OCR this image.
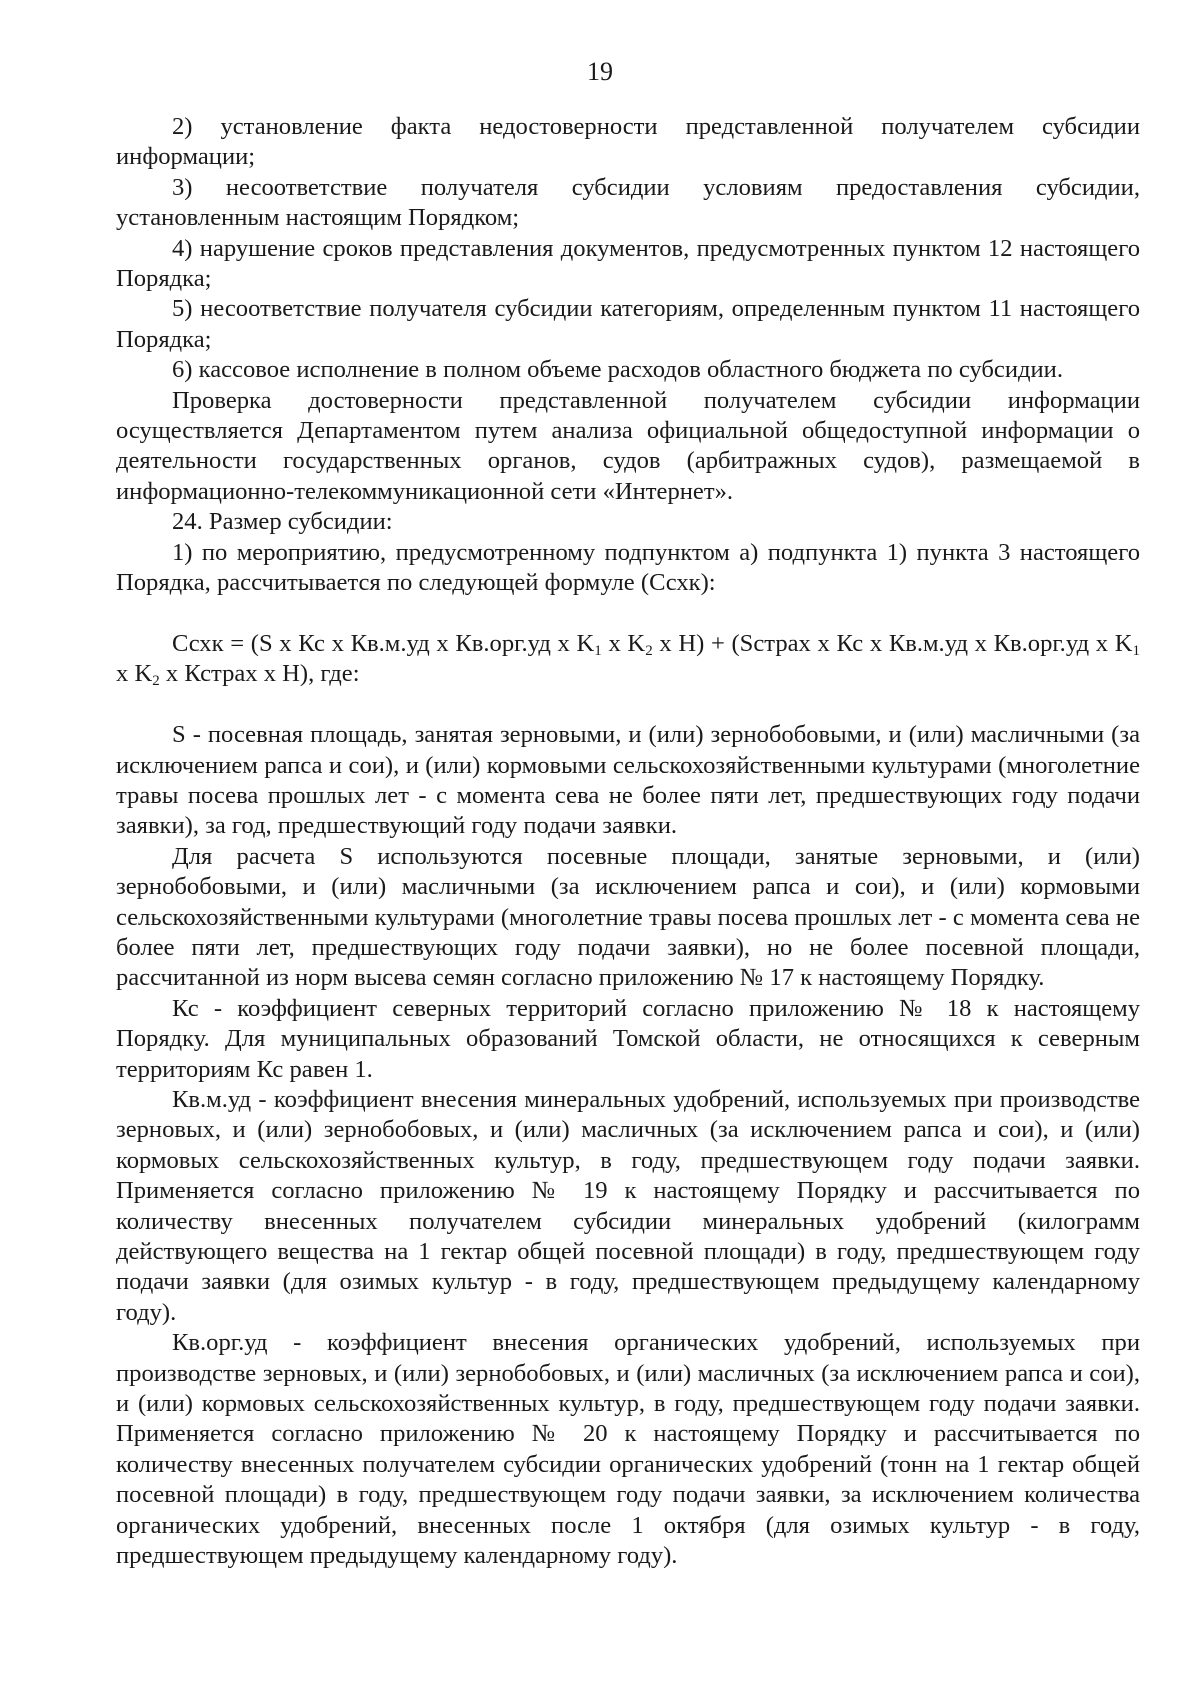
19

2) установление факта недостоверности представленной получателем субсидии информации;

3) несоответствие получателя субсидии условиям предоставления субсидии, установленным настоящим Порядком;

4) нарушение сроков представления документов, предусмотренных пунктом 12 настоящего Порядка;

5) несоответствие получателя субсидии категориям, определенным пунктом 11 настоящего Порядка;

6) кассовое исполнение в полном объеме расходов областного бюджета по субсидии.

Проверка достоверности представленной получателем субсидии информации осуществляется Департаментом путем анализа официальной общедоступной информации о деятельности государственных органов, судов (арбитражных судов), размещаемой в информационно-телекоммуникационной сети «Интернет».

24. Размер субсидии:

1) по мероприятию, предусмотренному подпунктом а) подпункта 1) пункта 3 настоящего Порядка, рассчитывается по следующей формуле (Ссхк):

Ссхк = (S x Кс x Кв.м.уд x Кв.орг.уд x $K_1$ x $K_2$ x Н) + (Sстрах x Кс x Кв.м.уд x Кв.орг.уд x $K_1$ x $K_2$ x Кстрах x Н), где:

S - посевная площадь, занятая зерновыми, и (или) зернобобовыми, и (или) масличными (за исключением рапса и сои), и (или) кормовыми сельскохозяйственными культурами (многолетние травы посева прошлых лет - с момента сева не более пяти лет, предшествующих году подачи заявки), за год, предшествующий году подачи заявки.

Для расчета S используются посевные площади, занятые зерновыми, и (или) зернобобовыми, и (или) масличными (за исключением рапса и сои), и (или) кормовыми сельскохозяйственными культурами (многолетние травы посева прошлых лет - с момента сева не более пяти лет, предшествующих году подачи заявки), но не более посевной площади, рассчитанной из норм высева семян согласно приложению № 17 к настоящему Порядку.

Кс - коэффициент северных территорий согласно приложению № 18 к настоящему Порядку. Для муниципальных образований Томской области, не относящихся к северным территориям Кс равен 1.

Кв.м.уд - коэффициент внесения минеральных удобрений, используемых при производстве зерновых, и (или) зернобобовых, и (или) масличных (за исключением рапса и сои), и (или) кормовых сельскохозяйственных культур, в году, предшествующем году подачи заявки. Применяется согласно приложению № 19 к настоящему Порядку и рассчитывается по количеству внесенных получателем субсидии минеральных удобрений (килограмм действующего вещества на 1 гектар общей посевной площади) в году, предшествующем году подачи заявки (для озимых культур - в году, предшествующем предыдущему календарному году).

Кв.орг.уд - коэффициент внесения органических удобрений, используемых при производстве зерновых, и (или) зернобобовых, и (или) масличных (за исключением рапса и сои), и (или) кормовых сельскохозяйственных культур, в году, предшествующем году подачи заявки. Применяется согласно приложению № 20 к настоящему Порядку и рассчитывается по количеству внесенных получателем субсидии органических удобрений (тонн на 1 гектар общей посевной площади) в году, предшествующем году подачи заявки, за исключением количества органических удобрений, внесенных после 1 октября (для озимых культур - в году, предшествующем предыдущему календарному году).
